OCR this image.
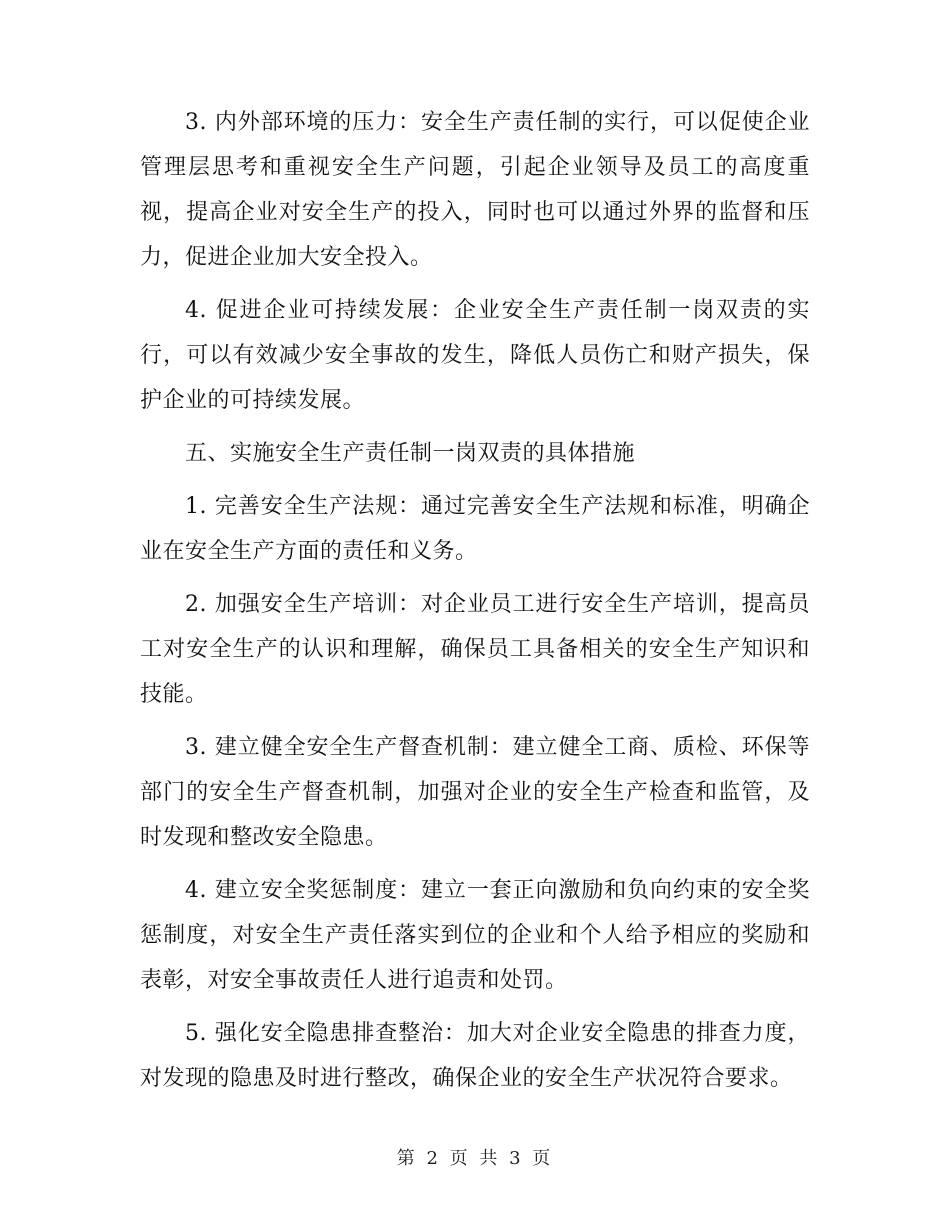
3. 内外部环境的压力：安全生产责任制的实行，可以促使企业管理层思考和重视安全生产问题，引起企业领导及员工的高度重视，提高企业对安全生产的投入，同时也可以通过外界的监督和压力，促进企业加大安全投入。

4. 促进企业可持续发展：企业安全生产责任制一岗双责的实行，可以有效减少安全事故的发生，降低人员伤亡和财产损失，保护企业的可持续发展。

五、实施安全生产责任制一岗双责的具体措施

1. 完善安全生产法规：通过完善安全生产法规和标准，明确企业在安全生产方面的责任和义务。

2. 加强安全生产培训：对企业员工进行安全生产培训，提高员工对安全生产的认识和理解，确保员工具备相关的安全生产知识和技能。

3. 建立健全安全生产督查机制：建立健全工商、质检、环保等部门的安全生产督查机制，加强对企业的安全生产检查和监管，及时发现和整改安全隐患。

4. 建立安全奖惩制度：建立一套正向激励和负向约束的安全奖惩制度，对安全生产责任落实到位的企业和个人给予相应的奖励和表彰，对安全事故责任人进行追责和处罚。

5. 强化安全隐患排查整治：加大对企业安全隐患的排查力度，对发现的隐患及时进行整改，确保企业的安全生产状况符合要求。

第 2 页 共 3 页
